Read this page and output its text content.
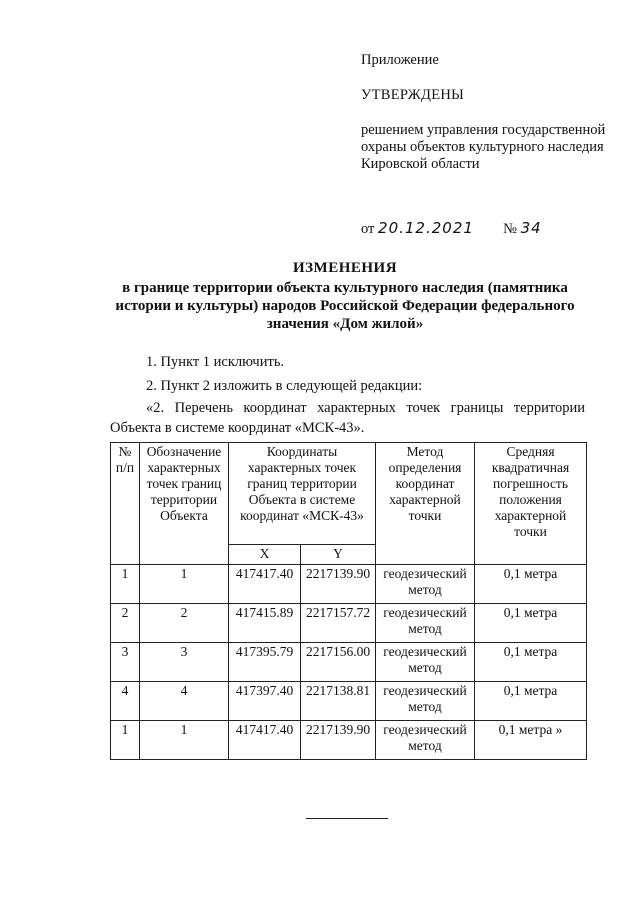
Приложение

УТВЕРЖДЕНЫ

решением управления государственной охраны объектов культурного наследия Кировской области

от 20.12.2021 № 34
ИЗМЕНЕНИЯ
в границе территории объекта культурного наследия (памятника истории и культуры) народов Российской Федерации федерального значения «Дом жилой»

1. Пункт 1 исключить.

2. Пункт 2 изложить в следующей редакции:

«2. Перечень координат характерных точек границы территории Объекта в системе координат «МСК-43».

№ п/п	Обозначение характерных точек границ территории Объекта	Координаты характерных точек границ территории Объекта в системе координат «МСК-43»		Метод определения координат характерной точки	Средняя квадратичная погрешность положения характерной точки
		X	Y		
1	1	417417.40	2217139.90	геодезический метод	0,1 метра
2	2	417415.89	2217157.72	геодезический метод	0,1 метра
3	3	417395.79	2217156.00	геодезический метод	0,1 метра
4	4	417397.40	2217138.81	геодезический метод	0,1 метра
1	1	417417.40	2217139.90	геодезический метод	0,1 метра »
